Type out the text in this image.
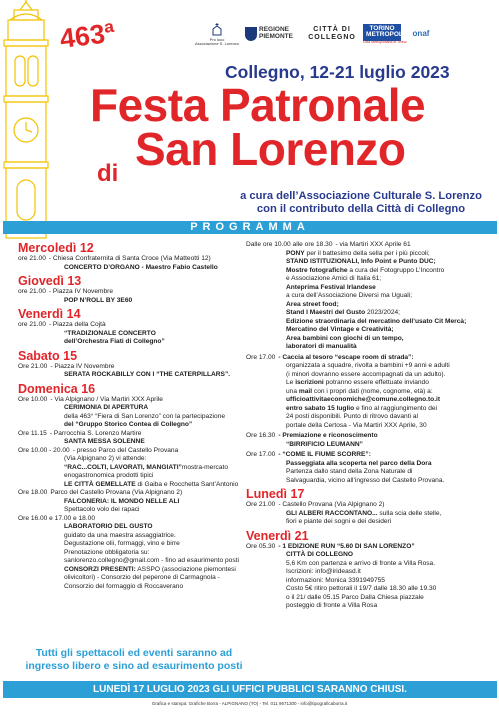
Pro loco
Associazione S. Lorenzo
REGIONE PIEMONTE
CITTÀ DI COLLEGNO
TORINO METROPOLI
Città Metropolitana di Torino
onaf
463ª
Collegno, 12-21 luglio 2023
Festa Patronale
di San Lorenzo
a cura dell’Associazione Culturale S. Lorenzo
con il contributo della Città di Collegno
PROGRAMMA
Mercoledì 12
ore 21.00 - Chiesa Confraternita di Santa Croce (Via Matteotti 12)
CONCERTO D’ORGANO - Maestro Fabio Castello
Giovedì 13
ore 21.00 - Piazza IV Novembre
POP N’ROLL BY 3E60
Venerdì 14
ore 21.00 - Piazza della Cojtà
“TRADIZIONALE CONCERTO
dell’Orchestra Fiati di Collegno”
Sabato 15
Ore 21.00 - Piazza IV Novembre
SERATA ROCKABILLY CON I “THE CATERPILLARS”.
Domenica 16
Ore 10.00 - Via Alpignano / Via Martiri XXX Aprile
CERIMONIA DI APERTURA
della 463° “Fiera di San Lorenzo” con la partecipazione
del “Gruppo Storico Contea di Collegno”
Ore 11.15 - Parrocchia S. Lorenzo Martire
SANTA MESSA SOLENNE
Ore 10.00 - 20.00 - presso Parco del Castello Provana
(Via Alpignano 2) vi attende:
“RAC...COLTI, LAVORATI, MANGIATI”mostra-mercato
enogastronomica prodotti tipici
LE CITTÀ GEMELLATE di Gaiba e Rocchetta Sant’Antonio
Ore 18.00 Parco del Castello Provana (Via Alpignano 2)
FALCONERIA: IL MONDO NELLE ALI
Spettacolo volo dei rapaci
Ore 16.00 e 17.00 e 18.00
LABORATORIO DEL GUSTO
guidato da una maestra assaggiatrice.
Degustazione olii, formaggi, vino e birre
Prenotazione obbligatoria su:
sanlorenzo.collegno@gmail.com - fino ad esaurimento posti
CONSORZI PRESENTI: ASSPO (associazione piemontesi
olivicoltori) - Consorzio del peperone di Carmagnola -
Consorzio del formaggio di Roccaverano
Dalle ore 10.00 alle ore 18.30 - via Martiri XXX Aprile 61
PONY per il battesimo della sella per i più piccoli;
STAND ISTITUZIONALI, Info Point e Punto DUC;
Mostre fotografiche a cura del Fotogruppo L’Incontro
e Associazione Amici di Italia 61;
Anteprima Festival Irlandese
a cura dell’Associazione Diversi ma Uguali;
Area street food;
Stand I Maestri del Gusto 2023/2024;
Edizione straordinaria del mercatino dell’usato Cit Mercà;
Mercatino del Vintage e Creatività;
Area bambini con giochi di un tempo,
laboratori di manualità
Ore 17.00 - Caccia al tesoro “escape room di strada”:
organizzata a squadre, rivolta a bambini +9 anni e adulti
(i minori dovranno essere accompagnati da un adulto).
Le iscrizioni potranno essere effettuate inviando
una mail con i propri dati (nome, cognome, età) a:
ufficioattivitaeconomiche@comune.collegno.to.it
entro sabato 15 luglio e fino al raggiungimento dei
24 posti disponibili. Punto di ritrovo davanti al
portale della Certosa - Via Martiri XXX Aprile, 30
Ore 16.30 - Premiazione e riconoscimento
“BIRRIFICIO LEUMANN”
Ore 17.00 - “COME IL FIUME SCORRE”:
Passeggiata alla scoperta nel parco della Dora
Partenza dallo stand della Zona Naturale di
Salvaguardia, vicino all’ingresso del Castello Provana.
Lunedì 17
Ore 21.00 - Castello Provana (Via Alpignano 2)
GLI ALBERI RACCONTANO... sulla scia delle stelle,
fiori e piante dei sogni e dei desideri
Venerdì 21
Ore 05.30 - 1 EDIZIONE RUN “5.60 DI SAN LORENZO”
CITTÀ DI COLLEGNO
5,6 Km con partenza e arrivo di fronte a Villa Rosa.
Iscrizioni: info@irideasd.it
informazioni: Monica 3391949755
Costo 5€ ritiro pettorali il 19/7 dalle 18.30 alle 19.30
o il 21/ dalle 05.15 Parco Dalla Chiesa piazzale
posteggio di fronte a Villa Rosa
Tutti gli spettacoli ed eventi saranno ad
ingresso libero e sino ad esaurimento posti
LUNEDÌ 17 LUGLIO 2023 GLI UFFICI PUBBLICI SARANNO CHIUSI.
Grafica e stampa: Grafiche Borra - ALPIGNANO (TO) - Tel. 011 9671300 - info@tipograficaborra.it
